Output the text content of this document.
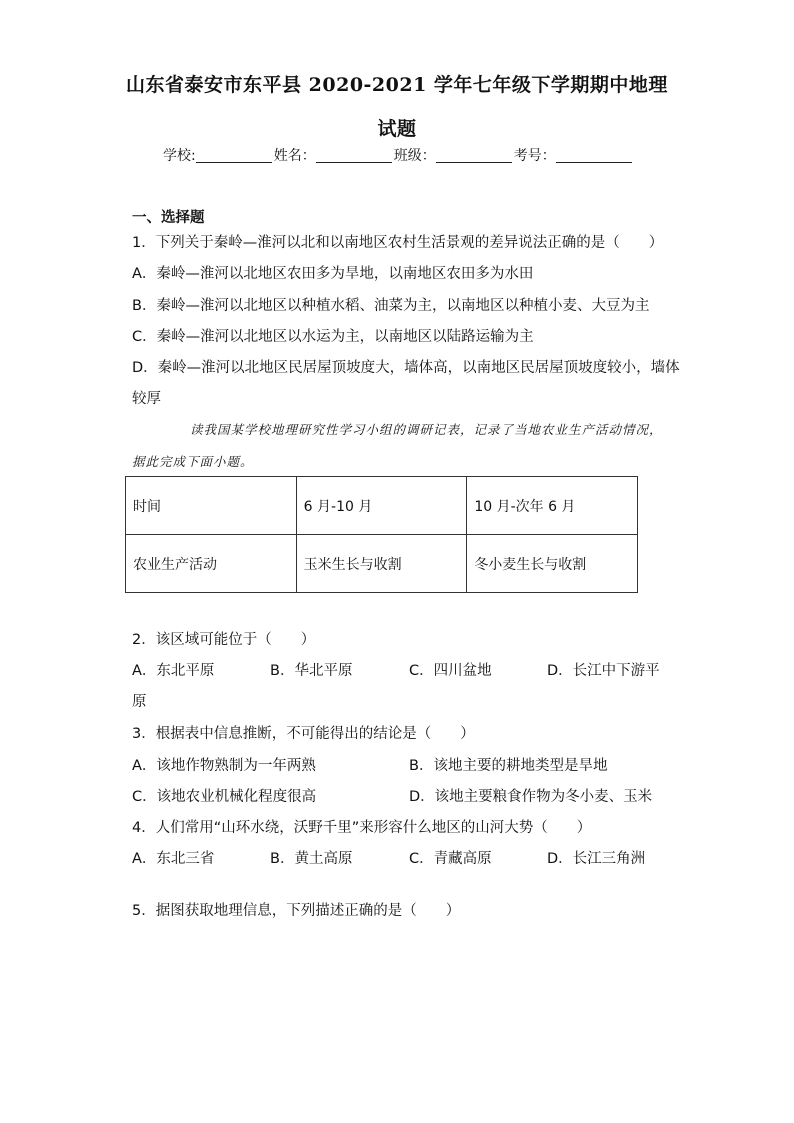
山东省泰安市东平县 2020-2021 学年七年级下学期期中地理
试题
学校:	姓名：	班级：	考号：
一、选择题
1．下列关于秦岭—淮河以北和以南地区农村生活景观的差异说法正确的是（　　）
A．秦岭—淮河以北地区农田多为旱地，以南地区农田多为水田
B．秦岭—淮河以北地区以种植水稻、油菜为主，以南地区以种植小麦、大豆为主
C．秦岭—淮河以北地区以水运为主，以南地区以陆路运输为主
D．秦岭—淮河以北地区民居屋顶坡度大，墙体高，以南地区民居屋顶坡度较小，墙体
较厚
读我国某学校地理研究性学习小组的调研记表，记录了当地农业生产活动情况，
据此完成下面小题。
时间	6 月-10 月	10 月-次年 6 月
农业生产活动	玉米生长与收割	冬小麦生长与收割
2．该区域可能位于（　　）
A．东北平原	B．华北平原	C．四川盆地	D．长江中下游平
原
3．根据表中信息推断，不可能得出的结论是（　　）
A．该地作物熟制为一年两熟	B．该地主要的耕地类型是旱地
C．该地农业机械化程度很高	D．该地主要粮食作物为冬小麦、玉米
4．人们常用“山环水绕，沃野千里”来形容什么地区的山河大势（　　）
A．东北三省	B．黄土高原	C．青藏高原	D．长江三角洲
5．据图获取地理信息，下列描述正确的是（　　）
